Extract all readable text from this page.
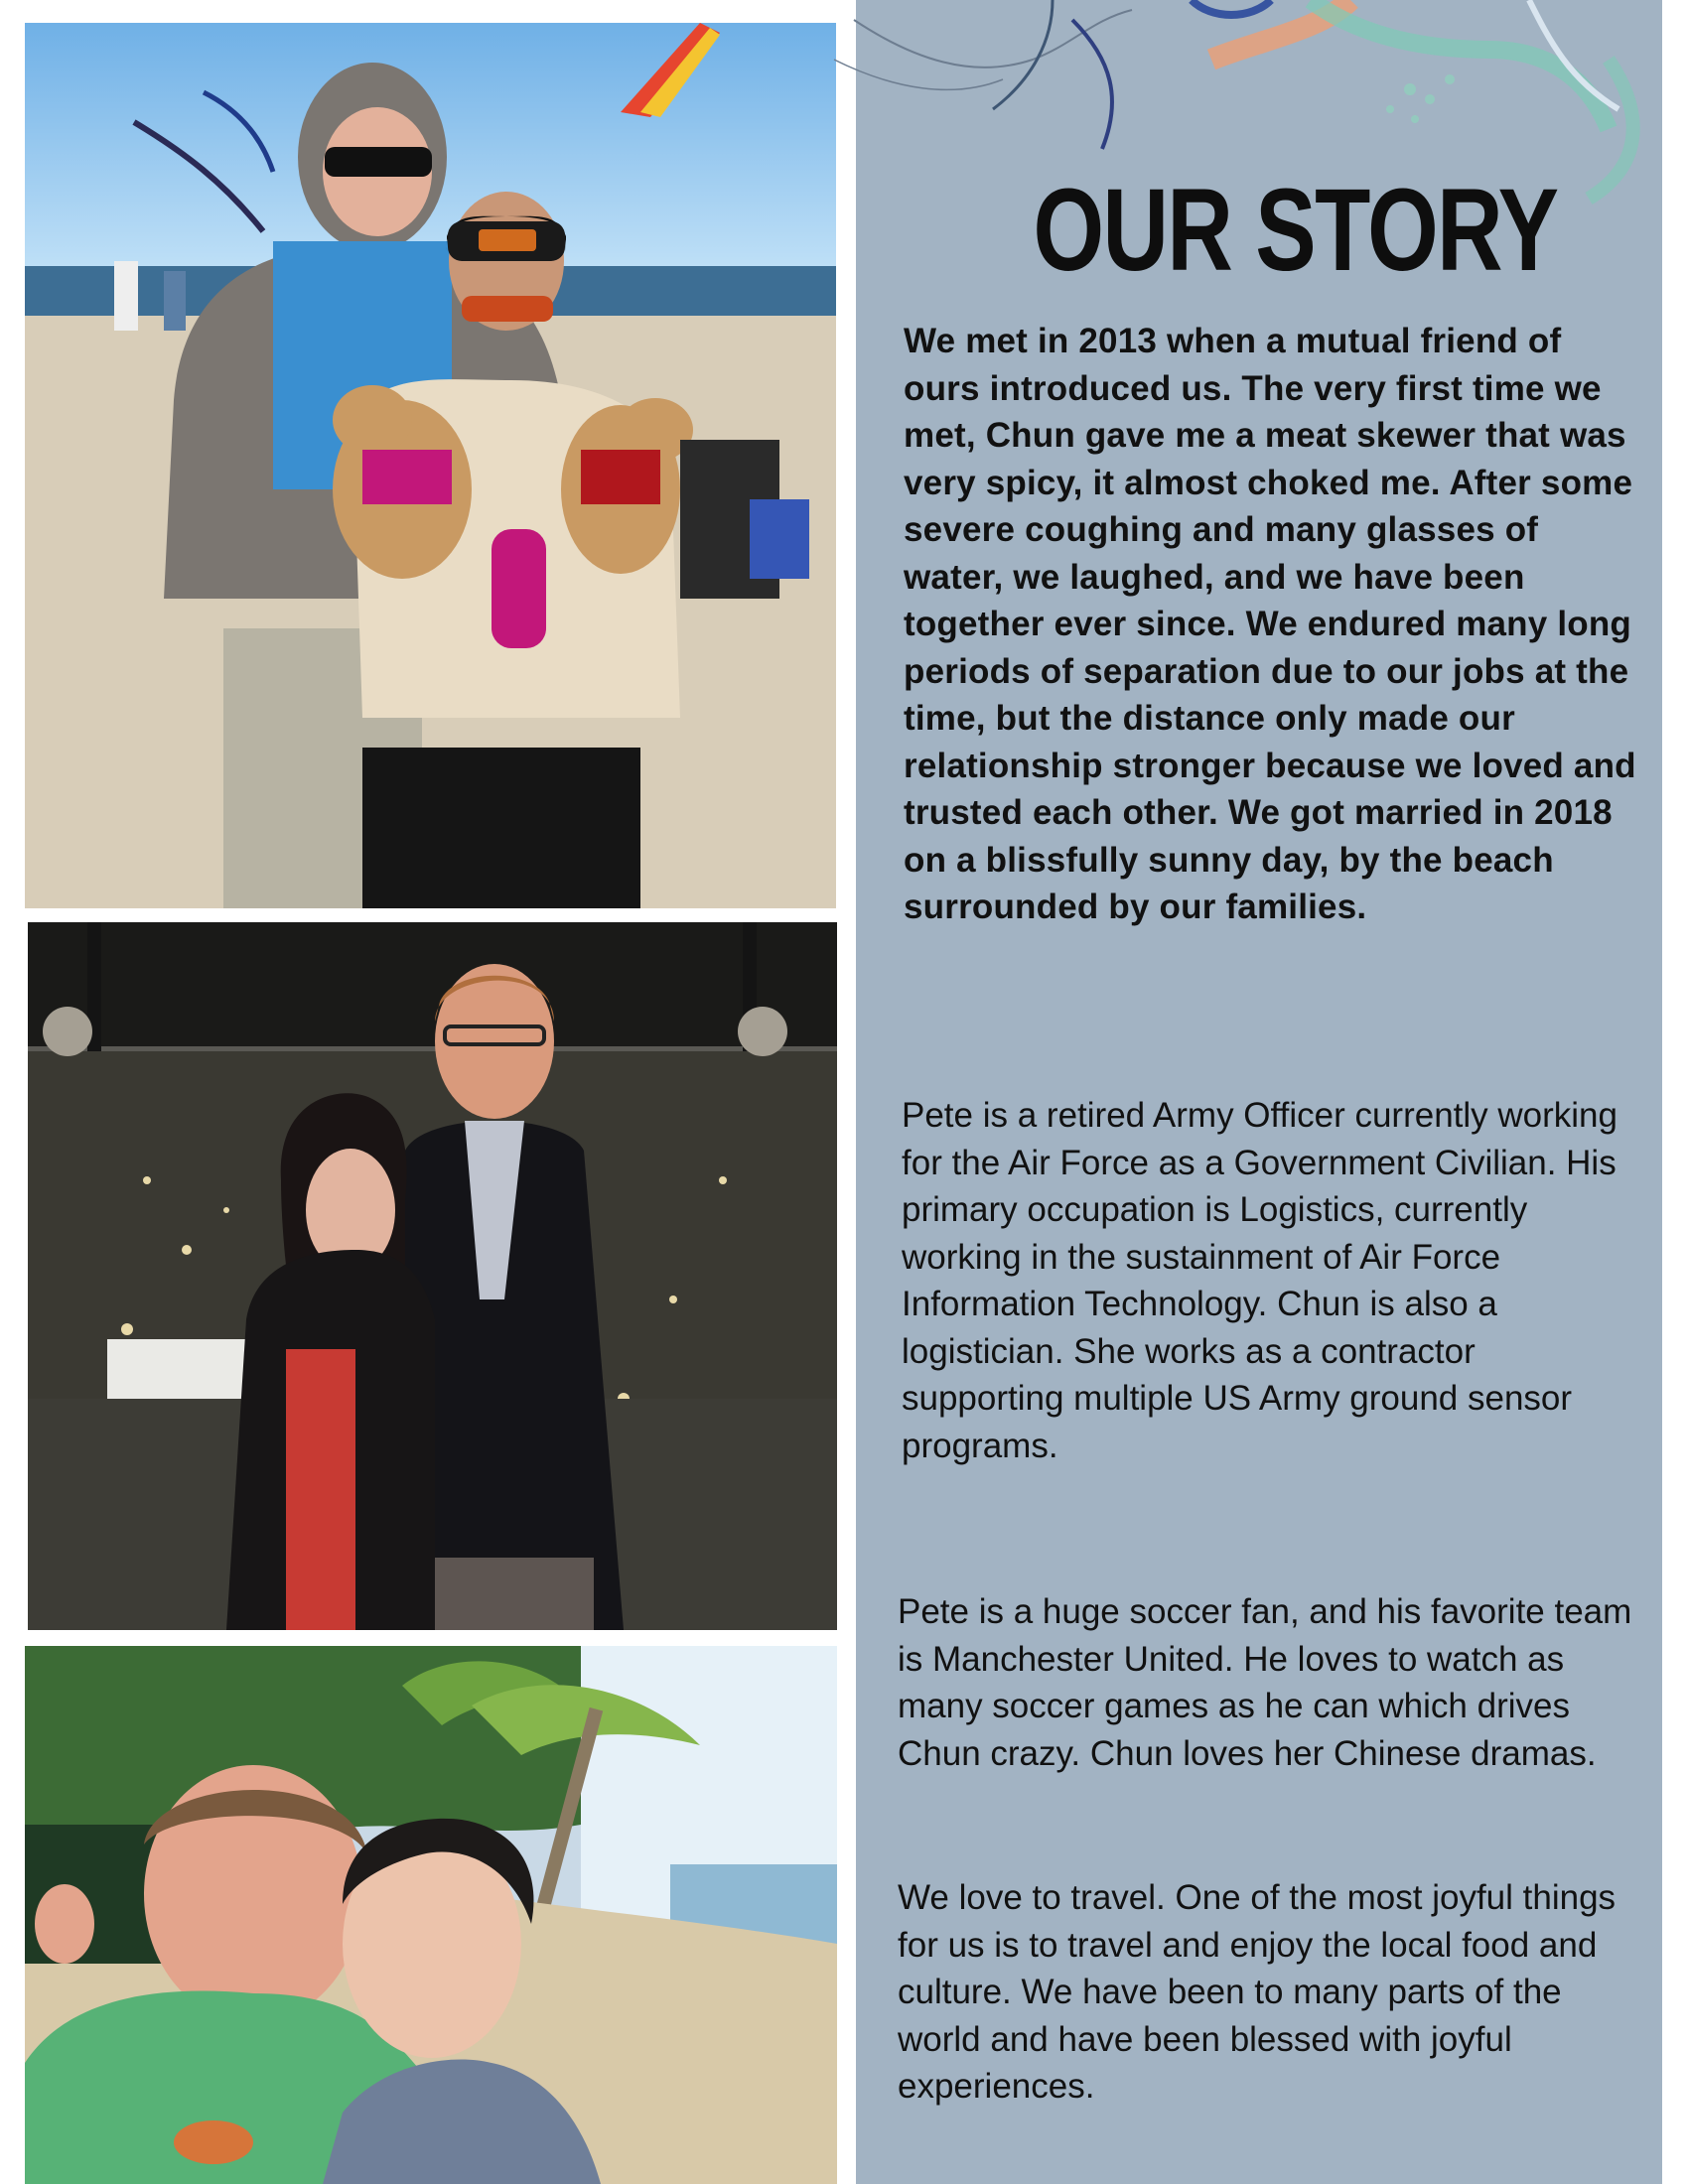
OUR STORY

We met in 2013 when a mutual friend of ours introduced us. The very first time we met, Chun gave me a meat skewer that was very spicy, it almost choked me. After some severe coughing and many glasses of water, we laughed, and we have been together ever since. We endured many long periods of separation due to our jobs at the time, but the distance only made our relationship stronger because we loved and trusted each other. We got married in 2018 on a blissfully sunny day, by the beach surrounded by our families.

Pete is a retired Army Officer currently working for the Air Force as a Government Civilian. His primary occupation is Logistics, currently working in the sustainment of Air Force Information Technology. Chun is also a logistician. She works as a contractor supporting multiple US Army ground sensor programs.

Pete is a huge soccer fan, and his favorite team is Manchester United. He loves to watch as many soccer games as he can which drives Chun crazy. Chun loves her Chinese dramas.

We love to travel. One of the most joyful things for us is to travel and enjoy the local food and culture. We have been to many parts of the world and have been blessed with joyful experiences.
